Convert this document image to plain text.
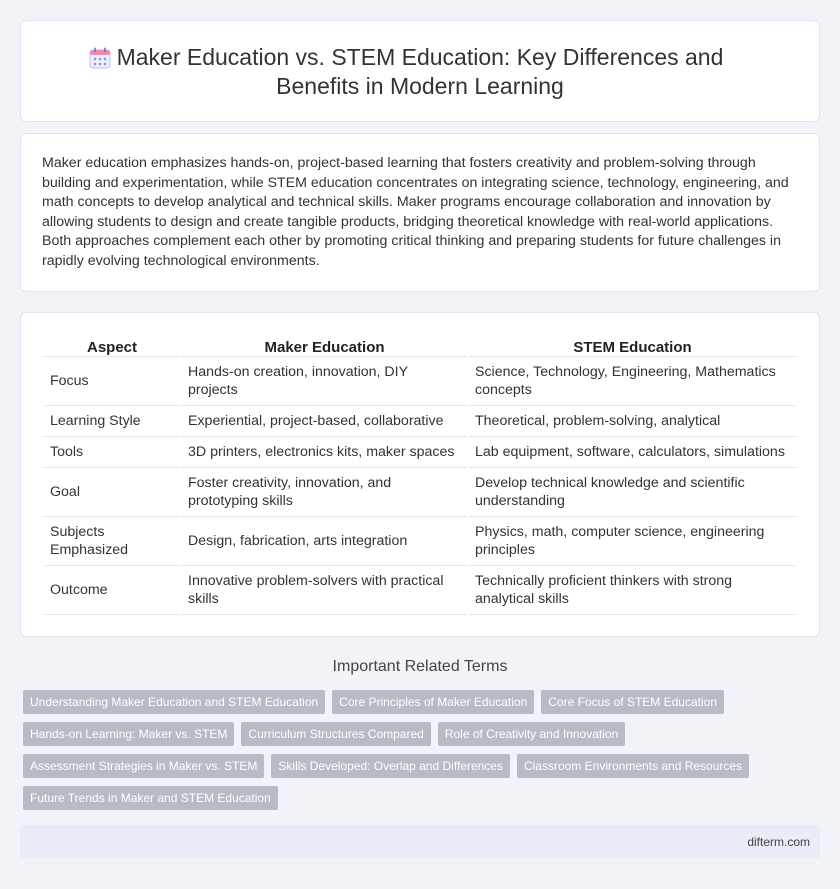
Maker Education vs. STEM Education: Key Differences and Benefits in Modern Learning

Maker education emphasizes hands-on, project-based learning that fosters creativity and problem-solving through building and experimentation, while STEM education concentrates on integrating science, technology, engineering, and math concepts to develop analytical and technical skills. Maker programs encourage collaboration and innovation by allowing students to design and create tangible products, bridging theoretical knowledge with real-world applications. Both approaches complement each other by promoting critical thinking and preparing students for future challenges in rapidly evolving technological environments.

Aspect	Maker Education	STEM Education
Focus	Hands-on creation, innovation, DIY projects	Science, Technology, Engineering, Mathematics concepts
Learning Style	Experiential, project-based, collaborative	Theoretical, problem-solving, analytical
Tools	3D printers, electronics kits, maker spaces	Lab equipment, software, calculators, simulations
Goal	Foster creativity, innovation, and prototyping skills	Develop technical knowledge and scientific understanding
Subjects Emphasized	Design, fabrication, arts integration	Physics, math, computer science, engineering principles
Outcome	Innovative problem-solvers with practical skills	Technically proficient thinkers with strong analytical skills
Important Related Terms
Understanding Maker Education and STEM Education	Core Principles of Maker Education	Core Focus of STEM Education
Hands-on Learning: Maker vs. STEM	Curriculum Structures Compared	Role of Creativity and Innovation
Assessment Strategies in Maker vs. STEM	Skills Developed: Overlap and Differences	Classroom Environments and Resources
Future Trends in Maker and STEM Education
difterm.com
